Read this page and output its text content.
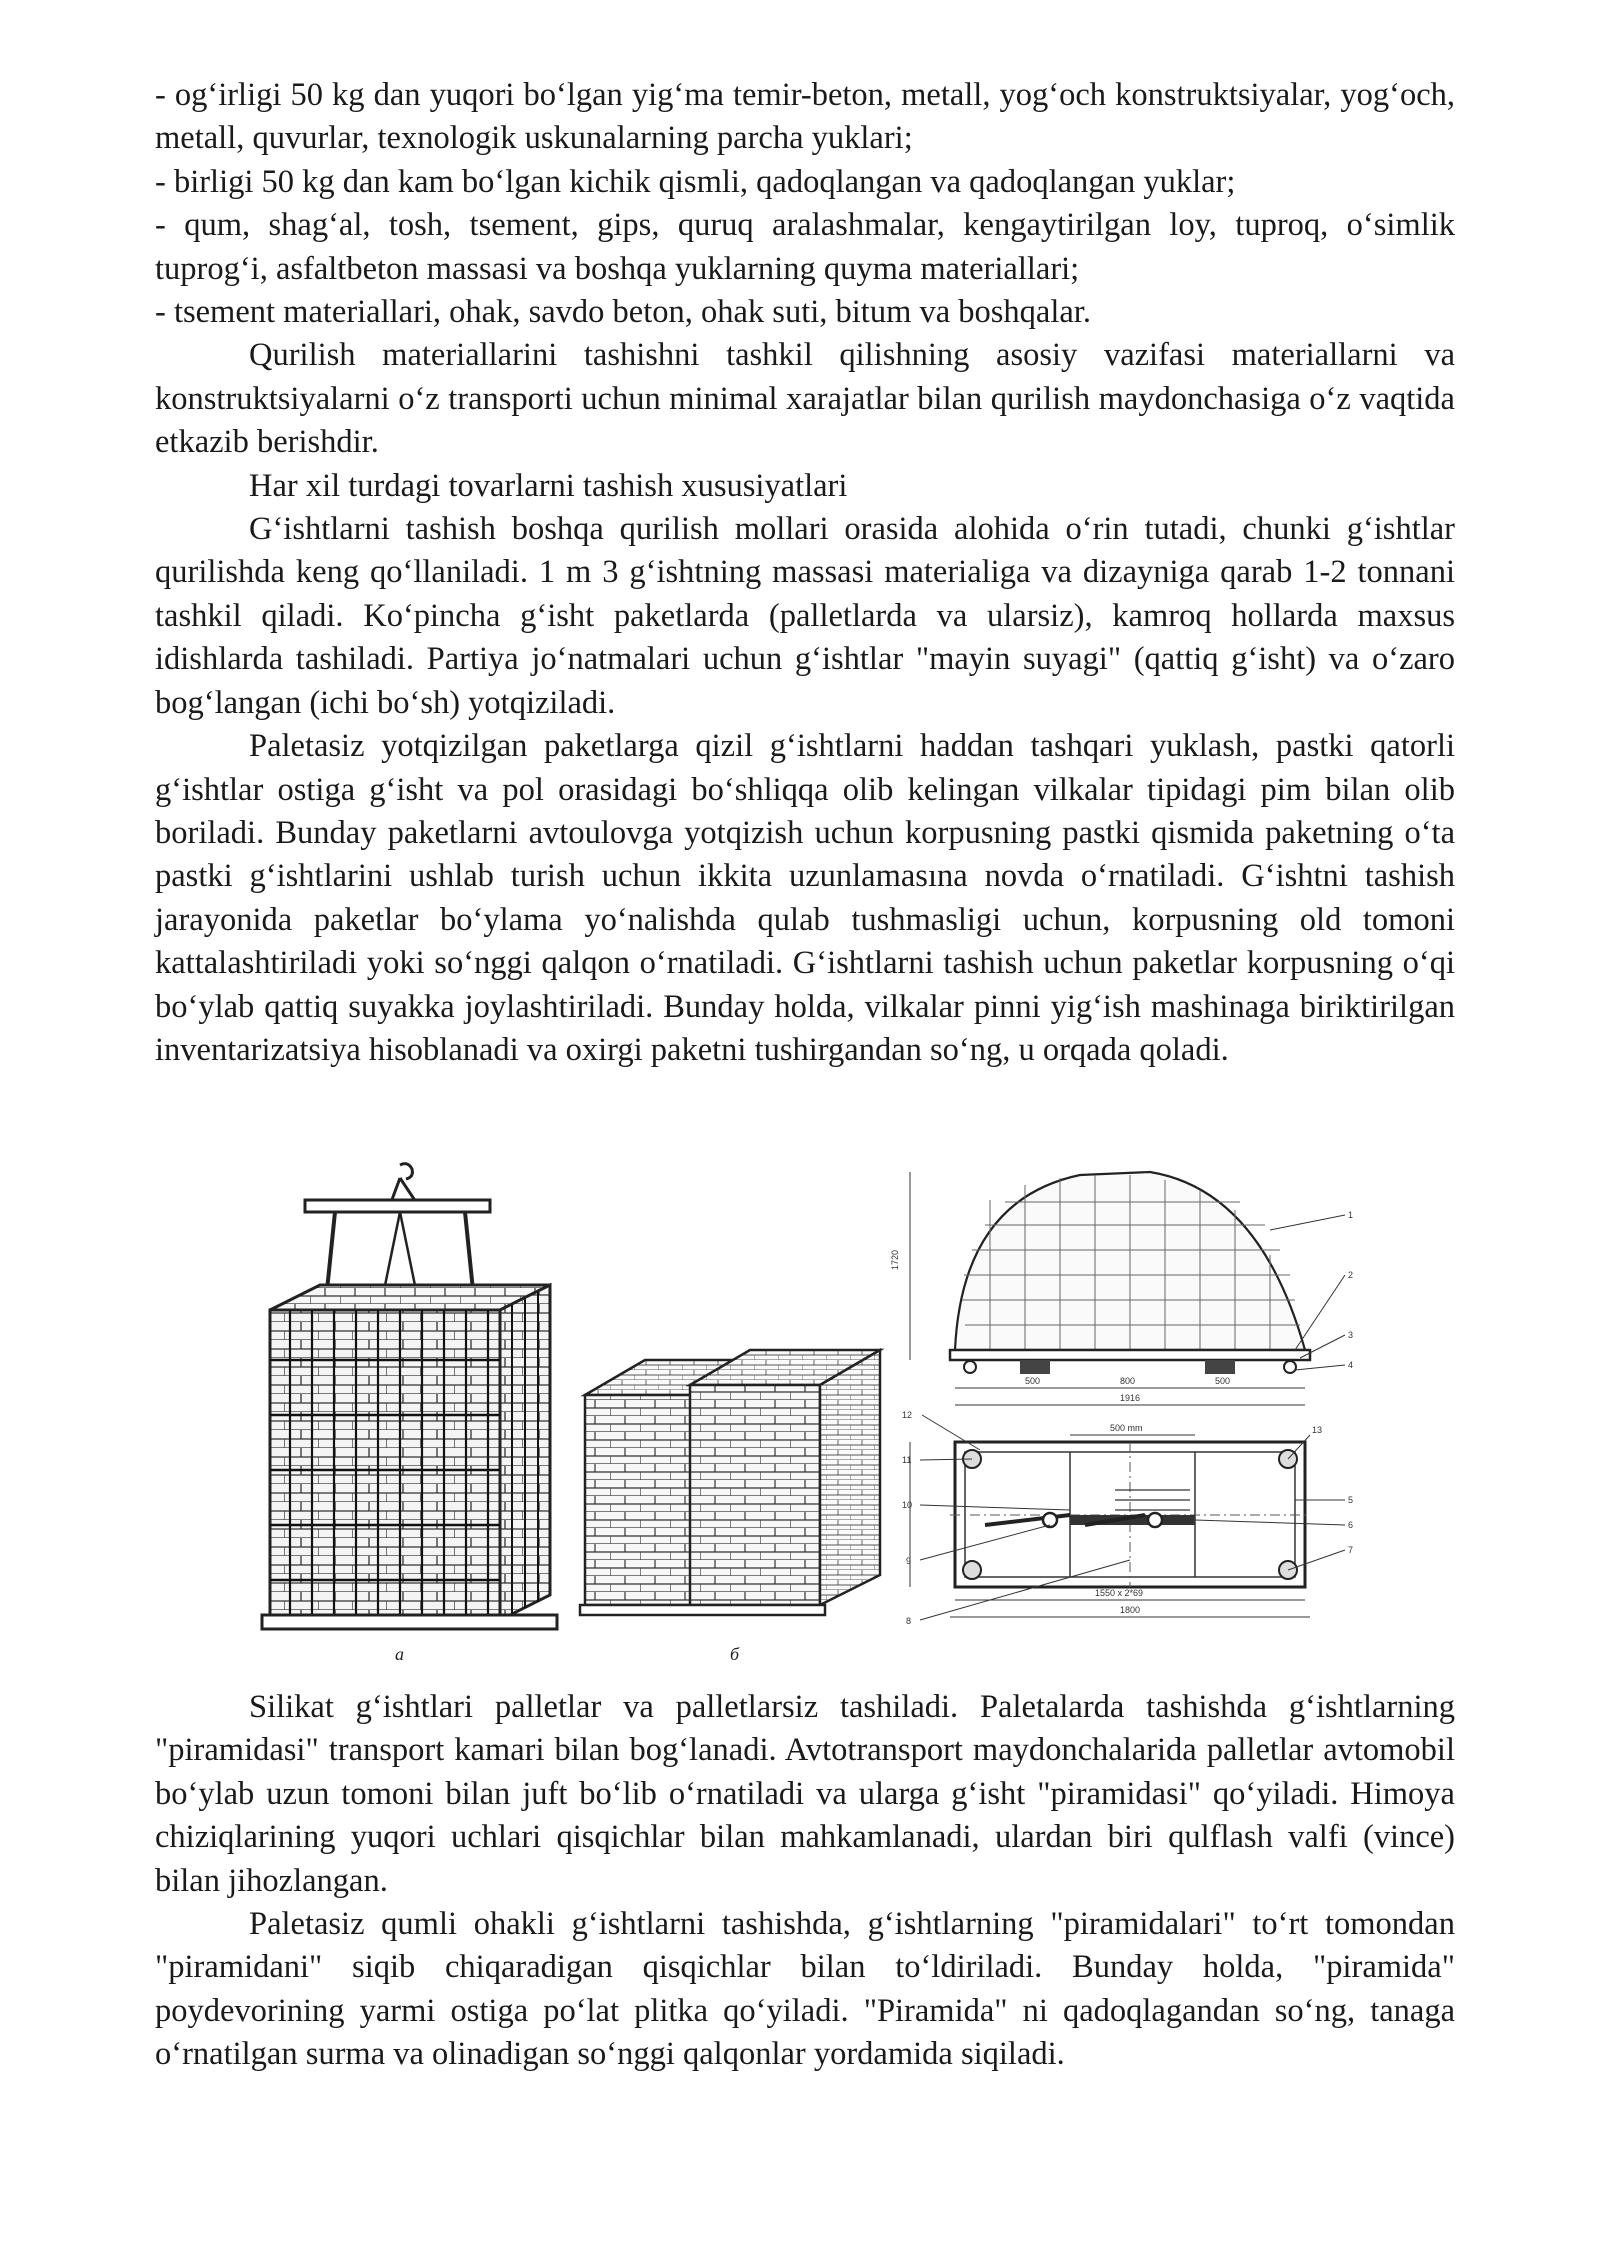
- og‘irligi 50 kg dan yuqori bo‘lgan yig‘ma temir-beton, metall, yog‘och konstruktsiyalar, yog‘och, metall, quvurlar, texnologik uskunalarning parcha yuklari;

- birligi 50 kg dan kam bo‘lgan kichik qismli, qadoqlangan va qadoqlangan yuklar;

- qum, shag‘al, tosh, tsement, gips, quruq aralashmalar, kengaytirilgan loy, tuproq, o‘simlik tuprog‘i, asfaltbeton massasi va boshqa yuklarning quyma materiallari;

- tsement materiallari, ohak, savdo beton, ohak suti, bitum va boshqalar.

Qurilish materiallarini tashishni tashkil qilishning asosiy vazifasi materiallarni va konstruktsiyalarni o‘z transporti uchun minimal xarajatlar bilan qurilish maydonchasiga o‘z vaqtida etkazib berishdir.

Har xil turdagi tovarlarni tashish xususiyatlari

G‘ishtlarni tashish boshqa qurilish mollari orasida alohida o‘rin tutadi, chunki g‘ishtlar qurilishda keng qo‘llaniladi. 1 m 3 g‘ishtning massasi materialiga va dizayniga qarab 1-2 tonnani tashkil qiladi. Ko‘pincha g‘isht paketlarda (palletlarda va ularsiz), kamroq hollarda maxsus idishlarda tashiladi. Partiya jo‘natmalari uchun g‘ishtlar "mayin suyagi" (qattiq g‘isht) va o‘zaro bog‘langan (ichi bo‘sh) yotqiziladi.

Paletasiz yotqizilgan paketlarga qizil g‘ishtlarni haddan tashqari yuklash, pastki qatorli g‘ishtlar ostiga g‘isht va pol orasidagi bo‘shliqqa olib kelingan vilkalar tipidagi pim bilan olib boriladi. Bunday paketlarni avtoulovga yotqizish uchun korpusning pastki qismida paketning o‘ta pastki g‘ishtlarini ushlab turish uchun ikkita uzunlamasına novda o‘rnatiladi. G‘ishtni tashish jarayonida paketlar bo‘ylama yo‘nalishda qulab tushmasligi uchun, korpusning old tomoni kattalashtiriladi yoki so‘nggi qalqon o‘rnatiladi. G‘ishtlarni tashish uchun paketlar korpusning o‘qi bo‘ylab qattiq suyakka joylashtiriladi. Bunday holda, vilkalar pinni yig‘ish mashinaga biriktirilgan inventarizatsiya hisoblanadi va oxirgi paketni tushirgandan so‘ng, u orqada qoladi.

а	б
1720
500	800	500
1916
500 mm
1550 x 2*69
1800
1
2
3
4
5
6
7
8
9
10
11
12
13

Silikat g‘ishtlari palletlar va palletlarsiz tashiladi. Paletalarda tashishda g‘ishtlarning "piramidasi" transport kamari bilan bog‘lanadi. Avtotransport maydonchalarida palletlar avtomobil bo‘ylab uzun tomoni bilan juft bo‘lib o‘rnatiladi va ularga g‘isht "piramidasi" qo‘yiladi. Himoya chiziqlarining yuqori uchlari qisqichlar bilan mahkamlanadi, ulardan biri qulflash valfi (vince) bilan jihozlangan.

Paletasiz qumli ohakli g‘ishtlarni tashishda, g‘ishtlarning "piramidalari" to‘rt tomondan "piramidani" siqib chiqaradigan qisqichlar bilan to‘ldiriladi. Bunday holda, "piramida" poydevorining yarmi ostiga po‘lat plitka qo‘yiladi. "Piramida" ni qadoqlagandan so‘ng, tanaga o‘rnatilgan surma va olinadigan so‘nggi qalqonlar yordamida siqiladi.
